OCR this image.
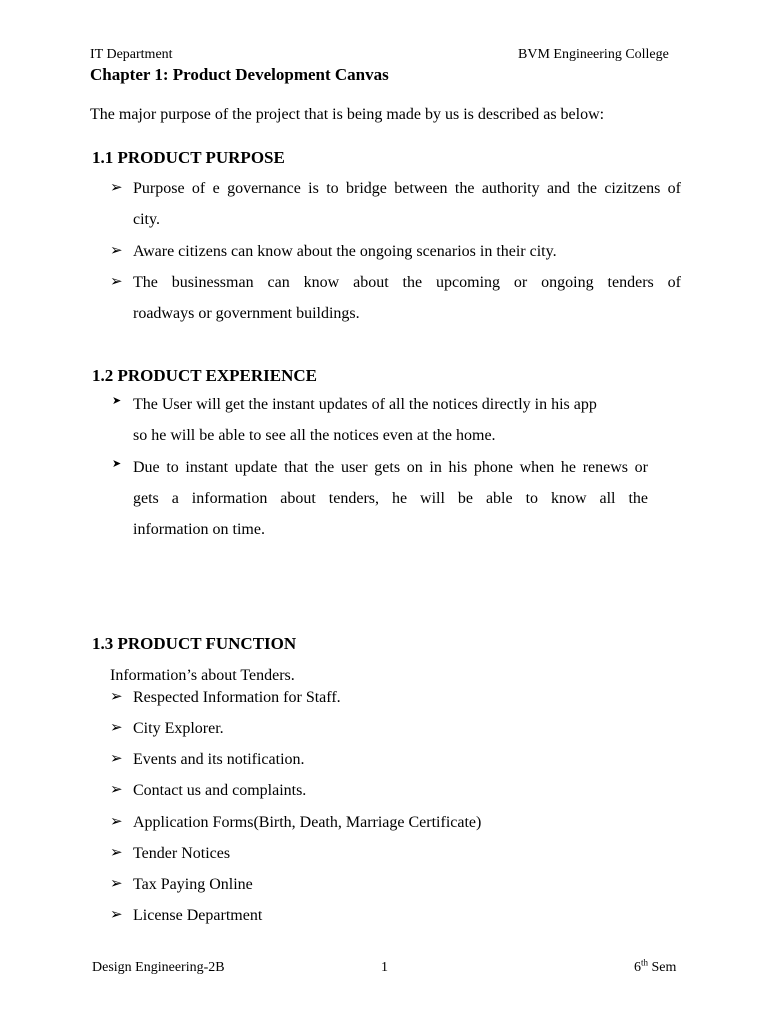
IT Department	BVM Engineering College
Chapter 1: Product Development Canvas
The major purpose of the project that is being made by us is described as below:
1.1 PRODUCT PURPOSE
➢ Purpose of e governance is to bridge between the authority and the cizitzens of
city.
➢ Aware citizens can know about the ongoing scenarios in their city.
➢ The businessman can know about the upcoming or ongoing tenders of
roadways or government buildings.
1.2 PRODUCT EXPERIENCE
➤ The User will get the instant updates of all the notices directly in his app
so he will be able to see all the notices even at the home.
➤ Due to instant update that the user gets on in his phone when he renews or
gets a information about tenders, he will be able to know all the
information on time.
1.3 PRODUCT FUNCTION
Information’s about Tenders.
➢ Respected Information for Staff.
➢ City Explorer.
➢ Events and its notification.
➢ Contact us and complaints.
➢ Application Forms(Birth, Death, Marriage Certificate)
➢ Tender Notices
➢ Tax Paying Online
➢ License Department
Design Engineering-2B	1	6th Sem
